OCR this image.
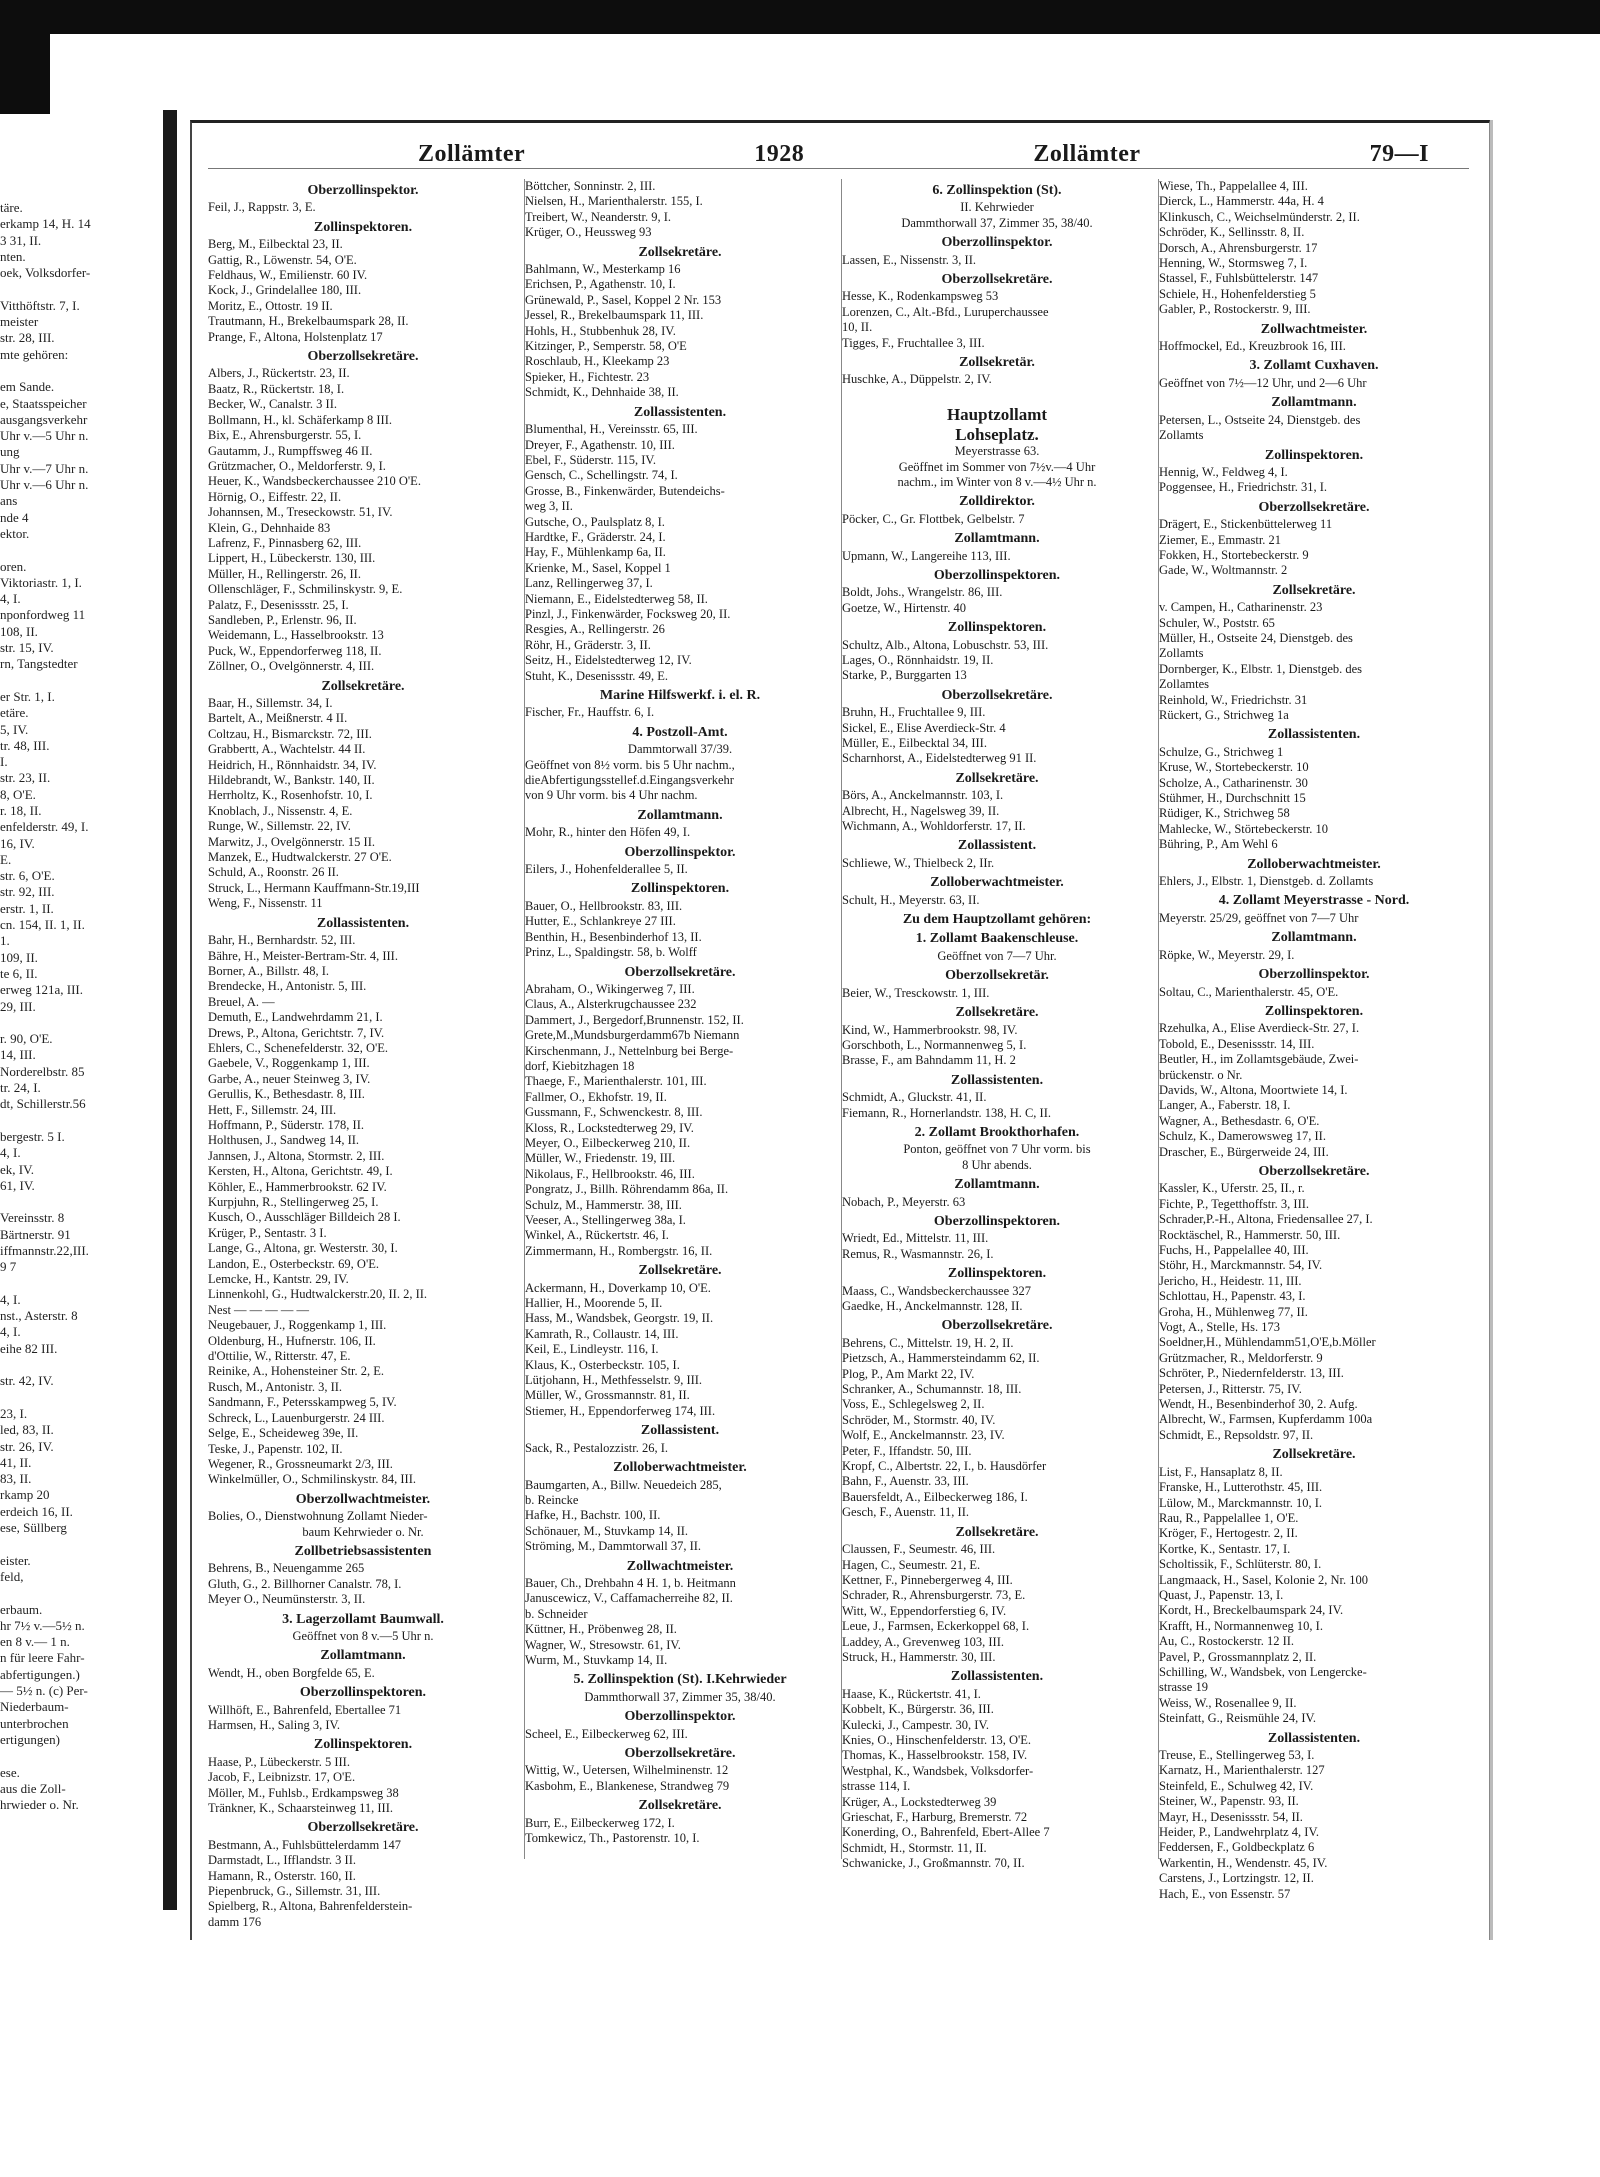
täre.
erkamp 14, H. 14
3 31, II.
nten.
oek, Volksdorfer-

Vitthöftstr. 7, I.
meister
str. 28, III.
mte gehören:

em Sande.
e, Staatsspeicher
ausgangsverkehr
Uhr v.—5 Uhr n.
ung
Uhr v.—7 Uhr n.
Uhr v.—6 Uhr n.
ans
nde 4
ektor.

oren.
Viktoriastr. 1, I.
4, I.
nponfordweg 11
108, II.
str. 15, IV.
rn, Tangstedter

er Str. 1, I.
etäre.
5, IV.
tr. 48, III.
I.
str. 23, II.
8, O'E.
r. 18, II.
enfelderstr. 49, I.
16, IV.
E.
str. 6, O'E.
str. 92, III.
erstr. 1, II.
cn. 154, II. 1, II.
1.
109, II.
te 6, II.
erweg 121a, III.
29, III.

r. 90, O'E.
14, III.
Norderelbstr. 85
tr. 24, I.
dt, Schillerstr.56

bergestr. 5 I.
4, I.
ek, IV.
61, IV.

Vereinsstr. 8
Bärtnerstr. 91
iffmannstr.22,III.
9 7

4, I.
nst., Asterstr. 8
4, I.
eihe 82 III.

str. 42, IV.

23, I.
led, 83, II.
str. 26, IV.
41, II.
83, II.
rkamp 20
erdeich 16, II.
ese, Süllberg

eister.
feld,

erbaum.
hr 7½ v.—5½ n.
en 8 v.— 1 n.
n für leere Fahr-
abfertigungen.)
— 5½ n. (c) Per-
Niederbaum-
unterbrochen
ertigungen)

ese.
aus die Zoll-
hrwieder o. Nr.
Zollämter	1928	Zollämter	79—I
Oberzollinspektor.
Feil, J., Rappstr. 3, E.
Zollinspektoren.
Berg, M., Eilbecktal 23, II.
Gattig, R., Löwenstr. 54, O'E.
Feldhaus, W., Emilienstr. 60 IV.
Kock, J., Grindelallee 180, III.
Moritz, E., Ottostr. 19 II.
Trautmann, H., Brekelbaumspark 28, II.
Prange, F., Altona, Holstenplatz 17
Oberzollsekretäre.
Albers, J., Rückertstr. 23, II.
Baatz, R., Rückertstr. 18, I.
Becker, W., Canalstr. 3 II.
Bollmann, H., kl. Schäferkamp 8 III.
Bix, E., Ahrensburgerstr. 55, I.
Gautamm, J., Rumpffsweg 46 II.
Grützmacher, O., Meldorferstr. 9, I.
Heuer, K., Wandsbeckerchaussee 210 O'E.
Hörnig, O., Eiffestr. 22, II.
Johannsen, M., Treseckowstr. 51, IV.
Klein, G., Dehnhaide 83
Lafrenz, F., Pinnasberg 62, III.
Lippert, H., Lübeckerstr. 130, III.
Müller, H., Rellingerstr. 26, II.
Ollenschläger, F., Schmilinskystr. 9, E.
Palatz, F., Desenissstr. 25, I.
Sandleben, P., Erlenstr. 96, II.
Weidemann, L., Hasselbrookstr. 13
Puck, W., Eppendorferweg 118, II.
Zöllner, O., Ovelgönnerstr. 4, III.
Zollsekretäre.
Baar, H., Sillemstr. 34, I.
Bartelt, A., Meißnerstr. 4 II.
Coltzau, H., Bismarckstr. 72, III.
Grabbertt, A., Wachtelstr. 44 II.
Heidrich, H., Rönnhaidstr. 34, IV.
Hildebrandt, W., Bankstr. 140, II.
Herrholtz, K., Rosenhofstr. 10, I.
Knoblach, J., Nissenstr. 4, E.
Runge, W., Sillemstr. 22, IV.
Marwitz, J., Ovelgönnerstr. 15 II.
Manzek, E., Hudtwalckerstr. 27 O'E.
Schuld, A., Roonstr. 26 II.
Struck, L., Hermann Kauffmann-Str.19,III
Weng, F., Nissenstr. 11
Zollassistenten.
Bahr, H., Bernhardstr. 52, III.
Bähre, H., Meister-Bertram-Str. 4, III.
Borner, A., Billstr. 48, I.
Brendecke, H., Antonistr. 5, III.
Breuel, A. —
Demuth, E., Landwehrdamm 21, I.
Drews, P., Altona, Gerichtstr. 7, IV.
Ehlers, C., Schenefelderstr. 32, O'E.
Gaebele, V., Roggenkamp 1, III.
Garbe, A., neuer Steinweg 3, IV.
Gerullis, K., Bethesdastr. 8, III.
Hett, F., Sillemstr. 24, III.
Hoffmann, P., Süderstr. 178, II.
Holthusen, J., Sandweg 14, II.
Jannsen, J., Altona, Stormstr. 2, III.
Kersten, H., Altona, Gerichtstr. 49, I.
Köhler, E., Hammerbrookstr. 62 IV.
Kurpjuhn, R., Stellingerweg 25, I.
Kusch, O., Ausschläger Billdeich 28 I.
Krüger, P., Sentastr. 3 I.
Lange, G., Altona, gr. Westerstr. 30, I.
Landon, E., Osterbeckstr. 69, O'E.
Lemcke, H., Kantstr. 29, IV.
Linnenkohl, G., Hudtwalckerstr.20, II. 2, II.
Nest — — — — —
Neugebauer, J., Roggenkamp 1, III.
Oldenburg, H., Hufnerstr. 106, II.
d'Ottilie, W., Ritterstr. 47, E.
Reinike, A., Hohensteiner Str. 2, E.
Rusch, M., Antonistr. 3, II.
Sandmann, F., Petersskampweg 5, IV.
Schreck, L., Lauenburgerstr. 24 III.
Selge, E., Scheideweg 39e, II.
Teske, J., Papenstr. 102, II.
Wegener, R., Grossneumarkt 2/3, III.
Winkelmüller, O., Schmilinskystr. 84, III.
Oberzollwachtmeister.
Bolies, O., Dienstwohnung Zollamt Nieder-
baum Kehrwieder o. Nr.
Zollbetriebsassistenten
Behrens, B., Neuengamme 265
Gluth, G., 2. Billhorner Canalstr. 78, I.
Meyer O., Neumünsterstr. 3, II.
3. Lagerzollamt Baumwall.
Geöffnet von 8 v.—5 Uhr n.
Zollamtmann.
Wendt, H., oben Borgfelde 65, E.
Oberzollinspektoren.
Willhöft, E., Bahrenfeld, Ebertallee 71
Harmsen, H., Saling 3, IV.
Zollinspektoren.
Haase, P., Lübeckerstr. 5 III.
Jacob, F., Leibnizstr. 17, O'E.
Möller, M., Fuhlsb., Erdkampsweg 38
Tränkner, K., Schaarsteinweg 11, III.
Oberzollsekretäre.
Bestmann, A., Fuhlsbüttelerdamm 147
Darmstadt, L., Ifflandstr. 3 II.
Hamann, R., Osterstr. 160, II.
Piepenbruck, G., Sillemstr. 31, III.
Spielberg, R., Altona, Bahrenfelderstein-
damm 176
Böttcher, Sonninstr. 2, III.
Nielsen, H., Marienthalerstr. 155, I.
Treibert, W., Neanderstr. 9, I.
Krüger, O., Heussweg 93
Zollsekretäre.
Bahlmann, W., Mesterkamp 16
Erichsen, P., Agathenstr. 10, I.
Grünewald, P., Sasel, Koppel 2 Nr. 153
Jessel, R., Brekelbaumspark 11, III.
Hohls, H., Stubbenhuk 28, IV.
Kitzinger, P., Semperstr. 58, O'E
Roschlaub, H., Kleekamp 23
Spieker, H., Fichtestr. 23
Schmidt, K., Dehnhaide 38, II.
Zollassistenten.
Blumenthal, H., Vereinsstr. 65, III.
Dreyer, F., Agathenstr. 10, III.
Ebel, F., Süderstr. 115, IV.
Gensch, C., Schellingstr. 74, I.
Grosse, B., Finkenwärder, Butendeichs-
weg 3, II.
Gutsche, O., Paulsplatz 8, I.
Hardtke, F., Gräderstr. 24, I.
Hay, F., Mühlenkamp 6a, II.
Krienke, M., Sasel, Koppel 1
Lanz, Rellingerweg 37, I.
Niemann, E., Eidelstedterweg 58, II.
Pinzl, J., Finkenwärder, Focksweg 20, II.
Resgies, A., Rellingerstr. 26
Röhr, H., Gräderstr. 3, II.
Seitz, H., Eidelstedterweg 12, IV.
Stuht, K., Desenissstr. 49, E.
Marine Hilfswerkf. i. el. R.
Fischer, Fr., Hauffstr. 6, I.
4. Postzoll-Amt.
Dammtorwall 37/39.
Geöffnet von 8½ vorm. bis 5 Uhr nachm.,
dieAbfertigungsstellef.d.Eingangsverkehr
von 9 Uhr vorm. bis 4 Uhr nachm.
Zollamtmann.
Mohr, R., hinter den Höfen 49, I.
Oberzollinspektor.
Eilers, J., Hohenfelderallee 5, II.
Zollinspektoren.
Bauer, O., Hellbrookstr. 83, III.
Hutter, E., Schlankreye 27 III.
Benthin, H., Besenbinderhof 13, II.
Prinz, L., Spaldingstr. 58, b. Wolff
Oberzollsekretäre.
Abraham, O., Wikingerweg 7, III.
Claus, A., Alsterkrugchaussee 232
Dammert, J., Bergedorf,Brunnenstr. 152, II.
Grete,M.,Mundsburgerdamm67b Niemann
Kirschenmann, J., Nettelnburg bei Berge-
dorf, Kiebitzhagen 18
Thaege, F., Marienthalerstr. 101, III.
Fallmer, O., Ekhofstr. 19, II.
Gussmann, F., Schwenckestr. 8, III.
Kloss, R., Lockstedterweg 29, IV.
Meyer, O., Eilbeckerweg 210, II.
Müller, W., Friedenstr. 19, III.
Nikolaus, F., Hellbrookstr. 46, III.
Pongratz, J., Billh. Röhrendamm 86a, II.
Schulz, M., Hammerstr. 38, III.
Veeser, A., Stellingerweg 38a, I.
Winkel, A., Rückertstr. 46, I.
Zimmermann, H., Rombergstr. 16, II.
Zollsekretäre.
Ackermann, H., Doverkamp 10, O'E.
Hallier, H., Moorende 5, II.
Hass, M., Wandsbek, Georgstr. 19, II.
Kamrath, R., Collaustr. 14, III.
Keil, E., Lindleystr. 116, I.
Klaus, K., Osterbeckstr. 105, I.
Lütjohann, H., Methfesselstr. 9, III.
Müller, W., Grossmannstr. 81, II.
Stiemer, H., Eppendorferweg 174, III.
Zollassistent.
Sack, R., Pestalozzistr. 26, I.
Zolloberwachtmeister.
Baumgarten, A., Billw. Neuedeich 285,
b. Reincke
Hafke, H., Bachstr. 100, II.
Schönauer, M., Stuvkamp 14, II.
Ströming, M., Dammtorwall 37, II.
Zollwachtmeister.
Bauer, Ch., Drehbahn 4 H. 1, b. Heitmann
Januscewicz, V., Caffamacherreihe 82, II.
b. Schneider
Küttner, H., Pröbenweg 28, II.
Wagner, W., Stresowstr. 61, IV.
Wurm, M., Stuvkamp 14, II.
5. Zollinspektion (St). I.Kehrwieder
Dammthorwall 37, Zimmer 35, 38/40.
Oberzollinspektor.
Scheel, E., Eilbeckerweg 62, III.
Oberzollsekretäre.
Wittig, W., Uetersen, Wilhelminenstr. 12
Kasbohm, E., Blankenese, Strandweg 79
Zollsekretäre.
Burr, E., Eilbeckerweg 172, I.
Tomkewicz, Th., Pastorenstr. 10, I.
6. Zollinspektion (St).
II. Kehrwieder
Dammthorwall 37, Zimmer 35, 38/40.
Oberzollinspektor.
Lassen, E., Nissenstr. 3, II.
Oberzollsekretäre.
Hesse, K., Rodenkampsweg 53
Lorenzen, C., Alt.-Bfd., Luruperchaussee
10, II.
Tigges, F., Fruchtallee 3, III.
Zollsekretär.
Huschke, A., Düppelstr. 2, IV.

Hauptzollamt
Lohseplatz.
Meyerstrasse 63.
Geöffnet im Sommer von 7½v.—4 Uhr
nachm., im Winter von 8 v.—4½ Uhr n.
Zolldirektor.
Pöcker, C., Gr. Flottbek, Gelbelstr. 7
Zollamtmann.
Upmann, W., Langereihe 113, III.
Oberzollinspektoren.
Boldt, Johs., Wrangelstr. 86, III.
Goetze, W., Hirtenstr. 40
Zollinspektoren.
Schultz, Alb., Altona, Lobuschstr. 53, III.
Lages, O., Rönnhaidstr. 19, II.
Starke, P., Burggarten 13
Oberzollsekretäre.
Bruhn, H., Fruchtallee 9, III.
Sickel, E., Elise Averdieck-Str. 4
Müller, E., Eilbecktal 34, III.
Scharnhorst, A., Eidelstedterweg 91 II.
Zollsekretäre.
Börs, A., Anckelmannstr. 103, I.
Albrecht, H., Nagelsweg 39, II.
Wichmann, A., Wohldorferstr. 17, II.
Zollassistent.
Schliewe, W., Thielbeck 2, IIr.
Zolloberwachtmeister.
Schult, H., Meyerstr. 63, II.
Zu dem Hauptzollamt gehören:
1. Zollamt Baakenschleuse.
Geöffnet von 7—7 Uhr.
Oberzollsekretär.
Beier, W., Tresckowstr. 1, III.
Zollsekretäre.
Kind, W., Hammerbrookstr. 98, IV.
Gorschboth, L., Normannenweg 5, I.
Brasse, F., am Bahndamm 11, H. 2
Zollassistenten.
Schmidt, A., Gluckstr. 41, II.
Fiemann, R., Hornerlandstr. 138, H. C, II.
2. Zollamt Brookthorhafen.
Ponton, geöffnet von 7 Uhr vorm. bis
8 Uhr abends.
Zollamtmann.
Nobach, P., Meyerstr. 63
Oberzollinspektoren.
Wriedt, Ed., Mittelstr. 11, III.
Remus, R., Wasmannstr. 26, I.
Zollinspektoren.
Maass, C., Wandsbeckerchaussee 327
Gaedke, H., Anckelmannstr. 128, II.
Oberzollsekretäre.
Behrens, C., Mittelstr. 19, H. 2, II.
Pietzsch, A., Hammersteindamm 62, II.
Plog, P., Am Markt 22, IV.
Schranker, A., Schumannstr. 18, III.
Voss, E., Schlegelsweg 2, II.
Schröder, M., Stormstr. 40, IV.
Wolf, E., Anckelmannstr. 23, IV.
Peter, F., Iffandstr. 50, III.
Kropf, C., Albertstr. 22, I., b. Hausdörfer
Bahn, F., Auenstr. 33, III.
Bauersfeldt, A., Eilbeckerweg 186, I.
Gesch, F., Auenstr. 11, II.
Zollsekretäre.
Claussen, F., Seumestr. 46, III.
Hagen, C., Seumestr. 21, E.
Kettner, F., Pinnebergerweg 4, III.
Schrader, R., Ahrensburgerstr. 73, E.
Witt, W., Eppendorferstieg 6, IV.
Leue, J., Farmsen, Eckerkoppel 68, I.
Laddey, A., Grevenweg 103, III.
Struck, H., Hammerstr. 30, III.
Zollassistenten.
Haase, K., Rückertstr. 41, I.
Kobbelt, K., Bürgerstr. 36, III.
Kulecki, J., Campestr. 30, IV.
Knies, O., Hinschenfelderstr. 13, O'E.
Thomas, K., Hasselbrookstr. 158, IV.
Westphal, K., Wandsbek, Volksdorfer-
strasse 114, I.
Krüger, A., Lockstedterweg 39
Grieschat, F., Harburg, Bremerstr. 72
Konerding, O., Bahrenfeld, Ebert-Allee 7
Schmidt, H., Stormstr. 11, II.
Schwanicke, J., Großmannstr. 70, II.
Wiese, Th., Pappelallee 4, III.
Dierck, L., Hammerstr. 44a, H. 4
Klinkusch, C., Weichselmünderstr. 2, II.
Schröder, K., Sellinsstr. 8, II.
Dorsch, A., Ahrensburgerstr. 17
Henning, W., Stormsweg 7, I.
Stassel, F., Fuhlsbüttelerstr. 147
Schiele, H., Hohenfelderstieg 5
Gabler, P., Rostockerstr. 9, III.
Zollwachtmeister.
Hoffmockel, Ed., Kreuzbrook 16, III.
3. Zollamt Cuxhaven.
Geöffnet von 7½—12 Uhr, und 2—6 Uhr
Zollamtmann.
Petersen, L., Ostseite 24, Dienstgeb. des
Zollamts
Zollinspektoren.
Hennig, W., Feldweg 4, I.
Poggensee, H., Friedrichstr. 31, I.
Oberzollsekretäre.
Drägert, E., Stickenbüttelerweg 11
Ziemer, E., Emmastr. 21
Fokken, H., Stortebeckerstr. 9
Gade, W., Woltmannstr. 2
Zollsekretäre.
v. Campen, H., Catharinenstr. 23
Schuler, W., Poststr. 65
Müller, H., Ostseite 24, Dienstgeb. des
Zollamts
Dornberger, K., Elbstr. 1, Dienstgeb. des
Zollamtes
Reinhold, W., Friedrichstr. 31
Rückert, G., Strichweg 1a
Zollassistenten.
Schulze, G., Strichweg 1
Kruse, W., Stortebeckerstr. 10
Scholze, A., Catharinenstr. 30
Stühmer, H., Durchschnitt 15
Rüdiger, K., Strichweg 58
Mahlecke, W., Störtebeckerstr. 10
Bühring, P., Am Wehl 6
Zolloberwachtmeister.
Ehlers, J., Elbstr. 1, Dienstgeb. d. Zollamts
4. Zollamt Meyerstrasse - Nord.
Meyerstr. 25/29, geöffnet von 7—7 Uhr
Zollamtmann.
Röpke, W., Meyerstr. 29, I.
Oberzollinspektor.
Soltau, C., Marienthalerstr. 45, O'E.
Zollinspektoren.
Rzehulka, A., Elise Averdieck-Str. 27, I.
Tobold, E., Desenissstr. 14, III.
Beutler, H., im Zollamtsgebäude, Zwei-
brückenstr. o Nr.
Davids, W., Altona, Moortwiete 14, I.
Langer, A., Faberstr. 18, I.
Wagner, A., Bethesdastr. 6, O'E.
Schulz, K., Damerowsweg 17, II.
Drascher, E., Bürgerweide 24, III.
Oberzollsekretäre.
Kassler, K., Uferstr. 25, II., r.
Fichte, P., Tegetthoffstr. 3, III.
Schrader,P.-H., Altona, Friedensallee 27, I.
Rocktäschel, R., Hammerstr. 50, III.
Fuchs, H., Pappelallee 40, III.
Stöhr, H., Marckmannstr. 54, IV.
Jericho, H., Heidestr. 11, III.
Schlottau, H., Papenstr. 43, I.
Groha, H., Mühlenweg 77, II.
Vogt, A., Stelle, Hs. 173
Soeldner,H., Mühlendamm51,O'E,b.Möller
Grützmacher, R., Meldorferstr. 9
Schröter, P., Niedernfelderstr. 13, III.
Petersen, J., Ritterstr. 75, IV.
Wendt, H., Besenbinderhof 30, 2. Aufg.
Albrecht, W., Farmsen, Kupferdamm 100a
Schmidt, E., Repsoldstr. 97, II.
Zollsekretäre.
List, F., Hansaplatz 8, II.
Franske, H., Lutterothstr. 45, III.
Lülow, M., Marckmannstr. 10, I.
Rau, R., Pappelallee 1, O'E.
Kröger, F., Hertogestr. 2, II.
Kortke, K., Sentastr. 17, I.
Scholtissik, F., Schlüterstr. 80, I.
Langmaack, H., Sasel, Kolonie 2, Nr. 100
Quast, J., Papenstr. 13, I.
Kordt, H., Breckelbaumspark 24, IV.
Krafft, H., Normannenweg 10, I.
Au, C., Rostockerstr. 12 II.
Pavel, P., Grossmannplatz 2, II.
Schilling, W., Wandsbek, von Lengercke-
strasse 19
Weiss, W., Rosenallee 9, II.
Steinfatt, G., Reismühle 24, IV.
Zollassistenten.
Treuse, E., Stellingerweg 53, I.
Karnatz, H., Marienthalerstr. 127
Steinfeld, E., Schulweg 42, IV.
Steiner, W., Papenstr. 93, II.
Mayr, H., Desenissstr. 54, II.
Heider, P., Landwehrplatz 4, IV.
Feddersen, F., Goldbeckplatz 6
Warkentin, H., Wendenstr. 45, IV.
Carstens, J., Lortzingstr. 12, II.
Hach, E., von Essenstr. 57
